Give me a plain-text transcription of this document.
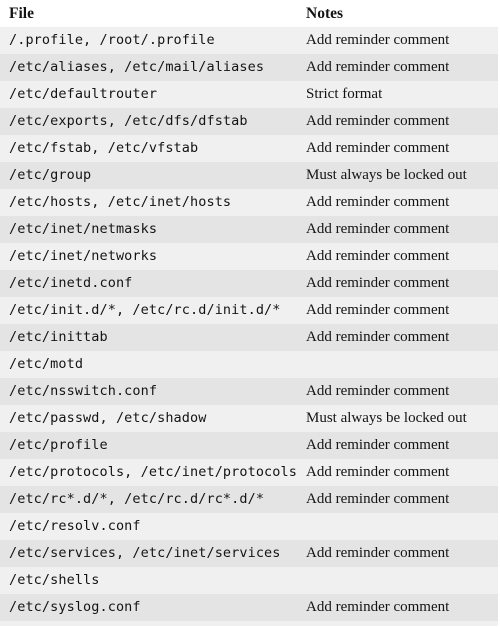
File	Notes
/.profile, /root/.profile	Add reminder comment
/etc/aliases, /etc/mail/aliases	Add reminder comment
/etc/defaultrouter	Strict format
/etc/exports, /etc/dfs/dfstab	Add reminder comment
/etc/fstab, /etc/vfstab	Add reminder comment
/etc/group	Must always be locked out
/etc/hosts, /etc/inet/hosts	Add reminder comment
/etc/inet/netmasks	Add reminder comment
/etc/inet/networks	Add reminder comment
/etc/inetd.conf	Add reminder comment
/etc/init.d/*, /etc/rc.d/init.d/* Add reminder comment
/etc/inittab	Add reminder comment
/etc/motd
/etc/nsswitch.conf	Add reminder comment
/etc/passwd, /etc/shadow	Must always be locked out
/etc/profile	Add reminder comment
/etc/protocols, /etc/inet/protocols Add reminder comment
/etc/rc*.d/*, /etc/rc.d/rc*.d/*	Add reminder comment
/etc/resolv.conf
/etc/services, /etc/inet/services Add reminder comment
/etc/shells
/etc/syslog.conf	Add reminder comment
